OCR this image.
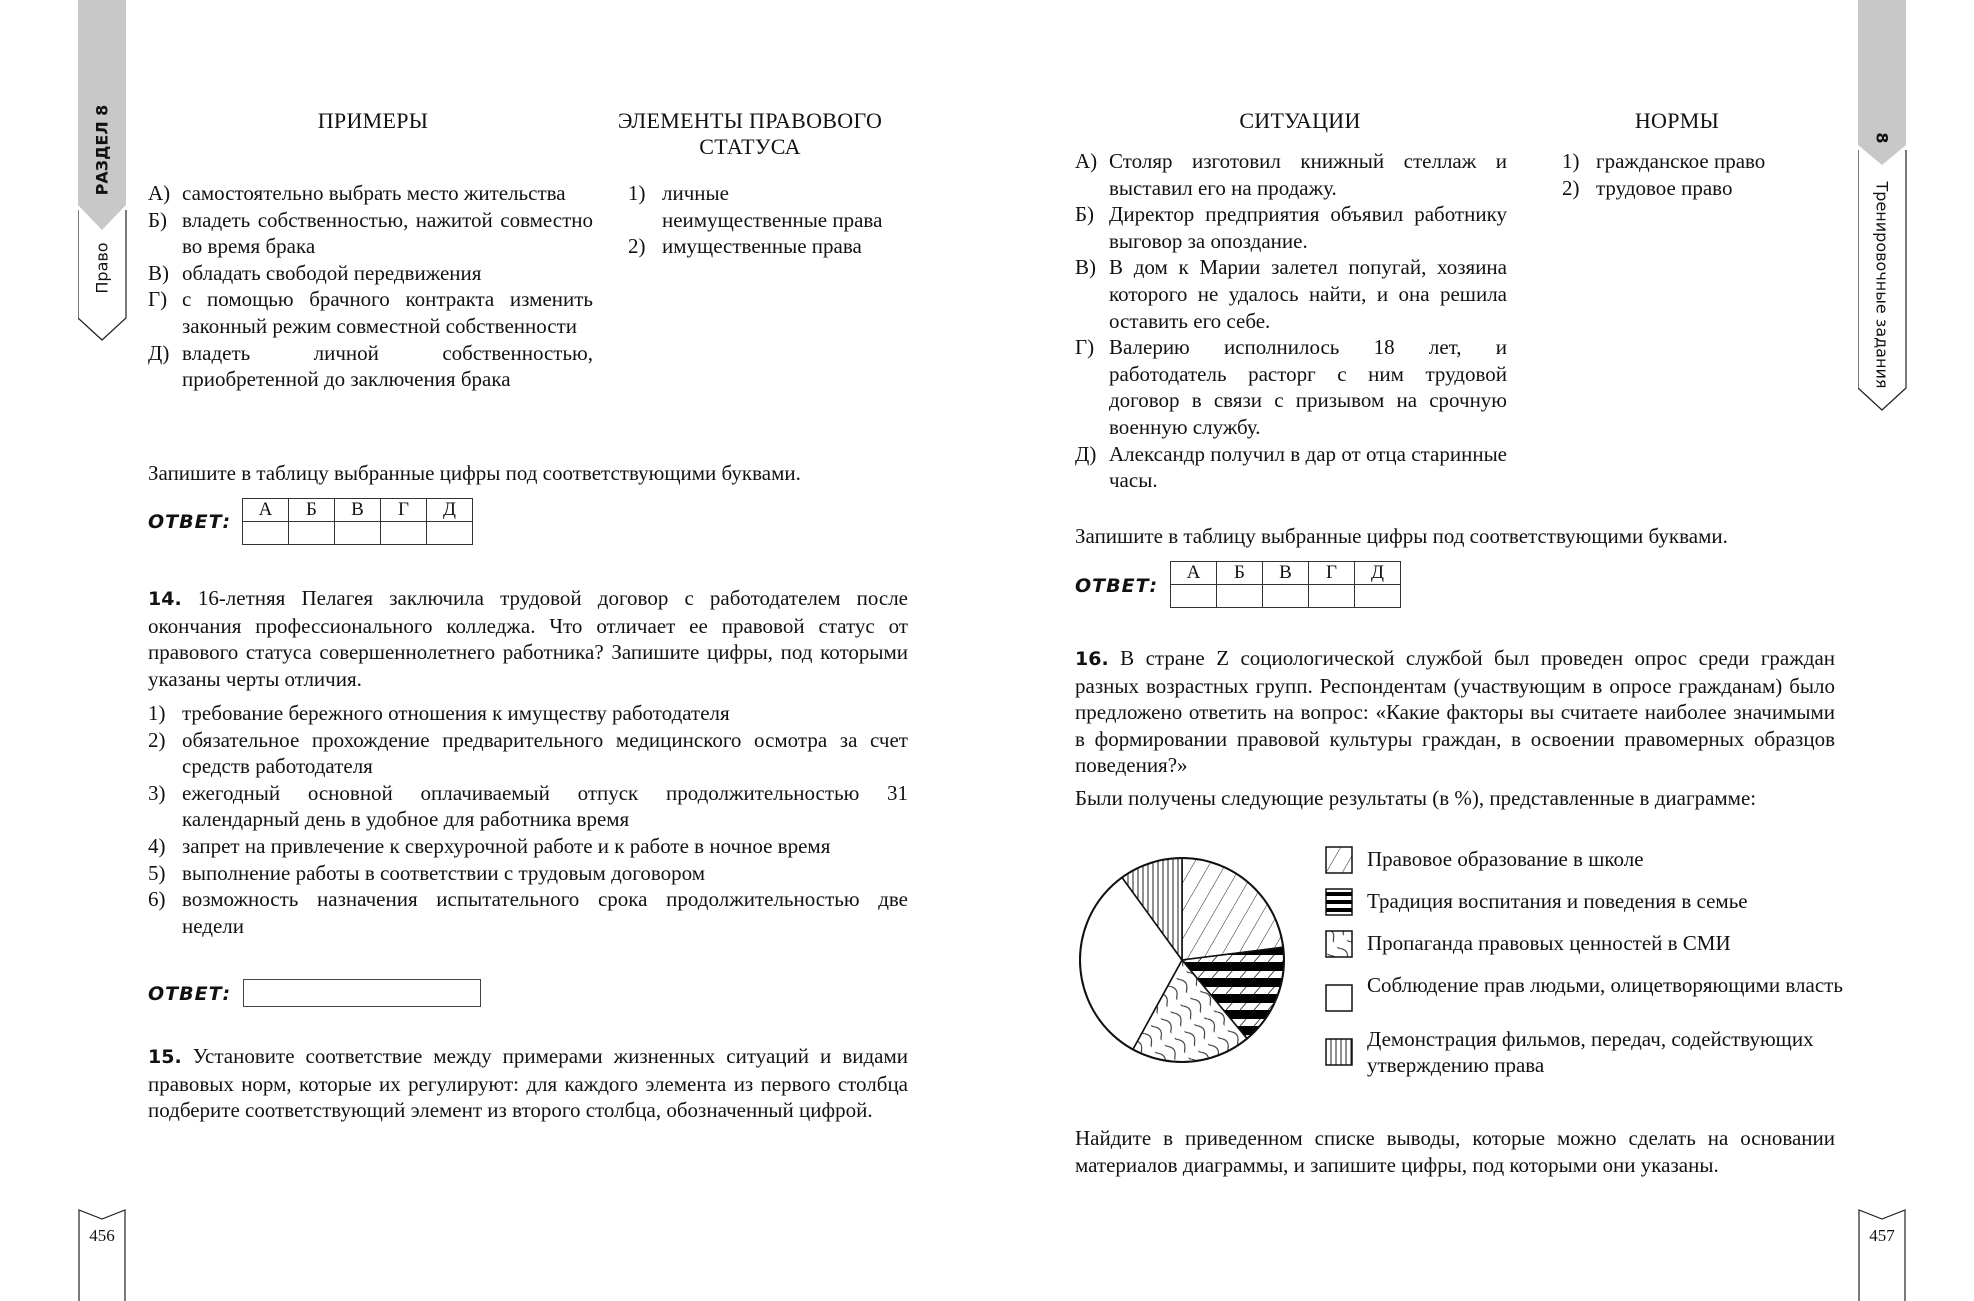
РАЗДЕЛ 8
Право
ПРИМЕРЫ	ЭЛЕМЕНТЫ ПРАВОВОГО СТАТУСА
А) самостоятельно выбрать место жительства
Б) владеть собственностью, нажитой совместно во время брака
В) обладать свободой передвижения
Г) с помощью брачного контракта изменить законный режим совместной собственности
Д) владеть личной собственностью, приобретенной до заключения брака
1) личные неимущественные права
2) имущественные права
Запишите в таблицу выбранные цифры под соответствующими буквами.
ОТВЕТ:
А	Б	В	Г	Д

14. 16-летняя Пелагея заключила трудовой договор с работодателем после окончания профессионального колледжа. Что отличает ее правовой статус от правового статуса совершеннолетнего работника? Запишите цифры, под которыми указаны черты отличия.
1) требование бережного отношения к имуществу работодателя
2) обязательное прохождение предварительного медицинского осмотра за счет средств работодателя
3) ежегодный основной оплачиваемый отпуск продолжительностью 31 календарный день в удобное для работника время
4) запрет на привлечение к сверхурочной работе и к работе в ночное время
5) выполнение работы в соответствии с трудовым договором
6) возможность назначения испытательного срока продолжительностью две недели
ОТВЕТ:
15. Установите соответствие между примерами жизненных ситуаций и видами правовых норм, которые их регулируют: для каждого элемента из первого столбца подберите соответствующий элемент из второго столбца, обозначенный цифрой.
456
СИТУАЦИИ	НОРМЫ
А) Столяр изготовил книжный стеллаж и выставил его на продажу.
Б) Директор предприятия объявил работнику выговор за опоздание.
В) В дом к Марии залетел попугай, хозяина которого не удалось найти, и она решила оставить его себе.
Г) Валерию исполнилось 18 лет, и работодатель расторг с ним трудовой договор в связи с призывом на срочную военную службу.
Д) Александр получил в дар от отца старинные часы.
1) гражданское право
2) трудовое право
Запишите в таблицу выбранные цифры под соответствующими буквами.
ОТВЕТ:
А	Б	В	Г	Д

16. В стране Z социологической службой был проведен опрос среди граждан разных возрастных групп. Респондентам (участвующим в опросе гражданам) было предложено ответить на вопрос: «Какие факторы вы считаете наиболее значимыми в формировании правовой культуры граждан, в освоении правомерных образцов поведения?»
Были получены следующие результаты (в %), представленные в диаграмме:
Правовое образование в школе
Традиция воспитания и поведения в семье
Пропаганда правовых ценностей в СМИ
Соблюдение прав людьми, олицетворяющими власть
Демонстрация фильмов, передач, содействующих утверждению права
Найдите в приведенном списке выводы, которые можно сделать на основании материалов диаграммы, и запишите цифры, под которыми они указаны.
8
Тренировочные задания
457
